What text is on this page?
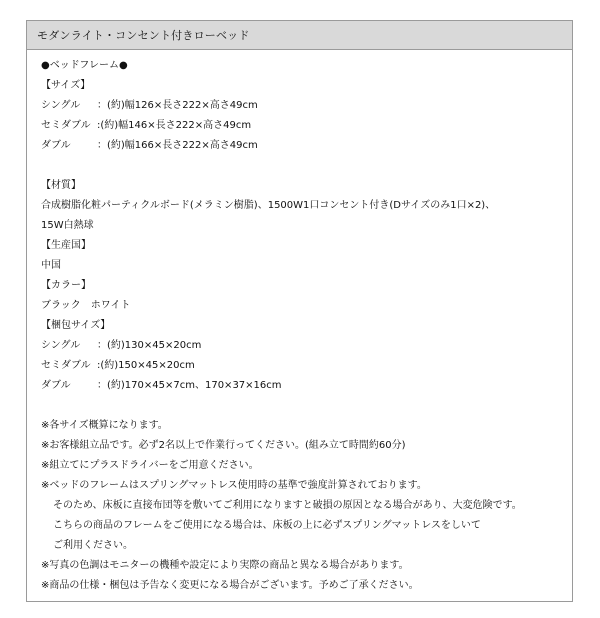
モダンライト・コンセント付きローベッド
●ベッドフレーム●
【サイズ】
シングル ：(約)幅126×長さ222×高さ49cm
セミダブル :(約)幅146×長さ222×高さ49cm
ダブル	：(約)幅166×長さ222×高さ49cm
【材質】
合成樹脂化粧パーティクルボード(メラミン樹脂)、1500W1口コンセント付き(Dサイズのみ1口×2)、
15W白熱球
【生産国】
中国
【カラー】
ブラック　ホワイト
【梱包サイズ】
シングル ：(約)130×45×20cm
セミダブル :(約)150×45×20cm
ダブル	：(約)170×45×7cm、170×37×16cm
※各サイズ概算になります。
※お客様組立品です。必ず2名以上で作業行ってください。(組み立て時間約60分)
※組立てにプラスドライバーをご用意ください。
※ベッドのフレームはスプリングマットレス使用時の基準で強度計算されております。
そのため、床板に直接布団等を敷いてご利用になりますと破損の原因となる場合があり、大変危険です。
こちらの商品のフレームをご使用になる場合は、床板の上に必ずスプリングマットレスをしいて
ご利用ください。
※写真の色調はモニターの機種や設定により実際の商品と異なる場合があります。
※商品の仕様・梱包は予告なく変更になる場合がございます。予めご了承ください。
